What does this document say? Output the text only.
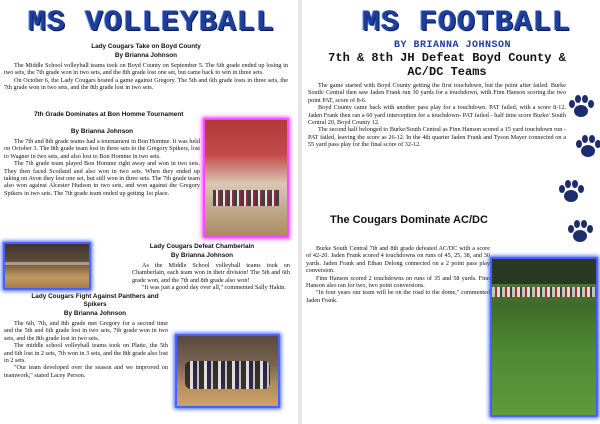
MS VOLLEYBALL
Lady Cougars Take on Boyd County
By Brianna Johnson

The Middle School volleyball teams took on Boyd County on September 5. The 6th grade ended up losing in two sets, the 7th grade won in two sets, and the 8th grade lost one set, but came back to win in three sets.

On October 6, the Lady Cougars hosted a game against Gregory. The 5th and 6th grade losts in three sets, the 7th grade won in two sets, and the 8th grade lost in two sets.

7th Grade Dominates at Bon Homme Tournament
By Brianna Johnson

The 7th and 8th grade teams had a tournament in Bon Homme. It was held on October 3. The 8th grade team lost in three sets to the Gregory Spikers, lost to Wagner in two sets, and also lost to Bon Homme in two sets.

The 7th grade team played Bon Homme right away and won in two sets. They then faced Scotland and also won in two sets. When they ended up taking on Avon they lost one set, but still won in three sets. The 7th grade team also won against Alcester Hudson in two sets, and won against the Gregory Spikers in two sets. The 7th grade team ended up getting 1st place.

Lady Cougars Defeat Chamberlain
By Brianna Johnson

As the Middle School volleyball teams took on Chamberlain, each team won in their division! The 5th and 6th grade won, and the 7th and 8th grade also won!

"It was just a good day over all," commented Sally Hakin.

Lady Cougars Fight Against Panthers and Spikers
By Brianna Johnson

The 6th, 7th, and 8th grade met Gregory for a second time and the 5th and 6th grade lost in two sets, 7th grade won in two sets, and the 8th grade lost in two sets.

The middle school volleyball teams took on Platte, the 5th and 6th lost in 2 sets, 7th won in 3 sets, and the 8th grade also lost in 2 sets.

"Our team developed over the season and we improved on teamwork," stated Lacey Person.

MS FOOTBALL
BY BRIANNA JOHNSON
7th & 8th JH Defeat Boyd County & AC/DC Teams

The game started with Boyd County getting the first touchdown, but the point after failed. Burke South/ Central then saw Jaden Frank run 30 yards for a touchdown, with Finn Hanson scoring the two point PAT, score of 8-6.

Boyd County came back with another pass play for a touchdown. PAT failed, with a score 8-12. Jaden Frank then ran a 60 yard interception for a touchdown- PAT failed - half time score Burke/ South Central 20, Boyd County 12.

The second half belonged to Burke/South Central as Finn Hanson scored a 15 yard touchdown run - PAT failed, leaving the score as 26-12. In the 4th quarter Jaden Frank and Tyson Mayer connected on a 55 yard pass play for the final score of 32-12.

The Cougars Dominate AC/DC

Burke South Central 7th and 8th grade defeated AC/DC with a score of 42-20. Jaden Frank scored 4 touchdowns on runs of 45, 25, 38, and 30 yards. Jaden Frank and Ethan Delong connected on a 2 point pass play conversion.

Finn Hanson scored 2 touchdowns on runs of 35 and 58 yards. Finn Hanson also ran for two, two point conversions.

"In four years our team will be on the road to the dome," commented Jaden Frank.
